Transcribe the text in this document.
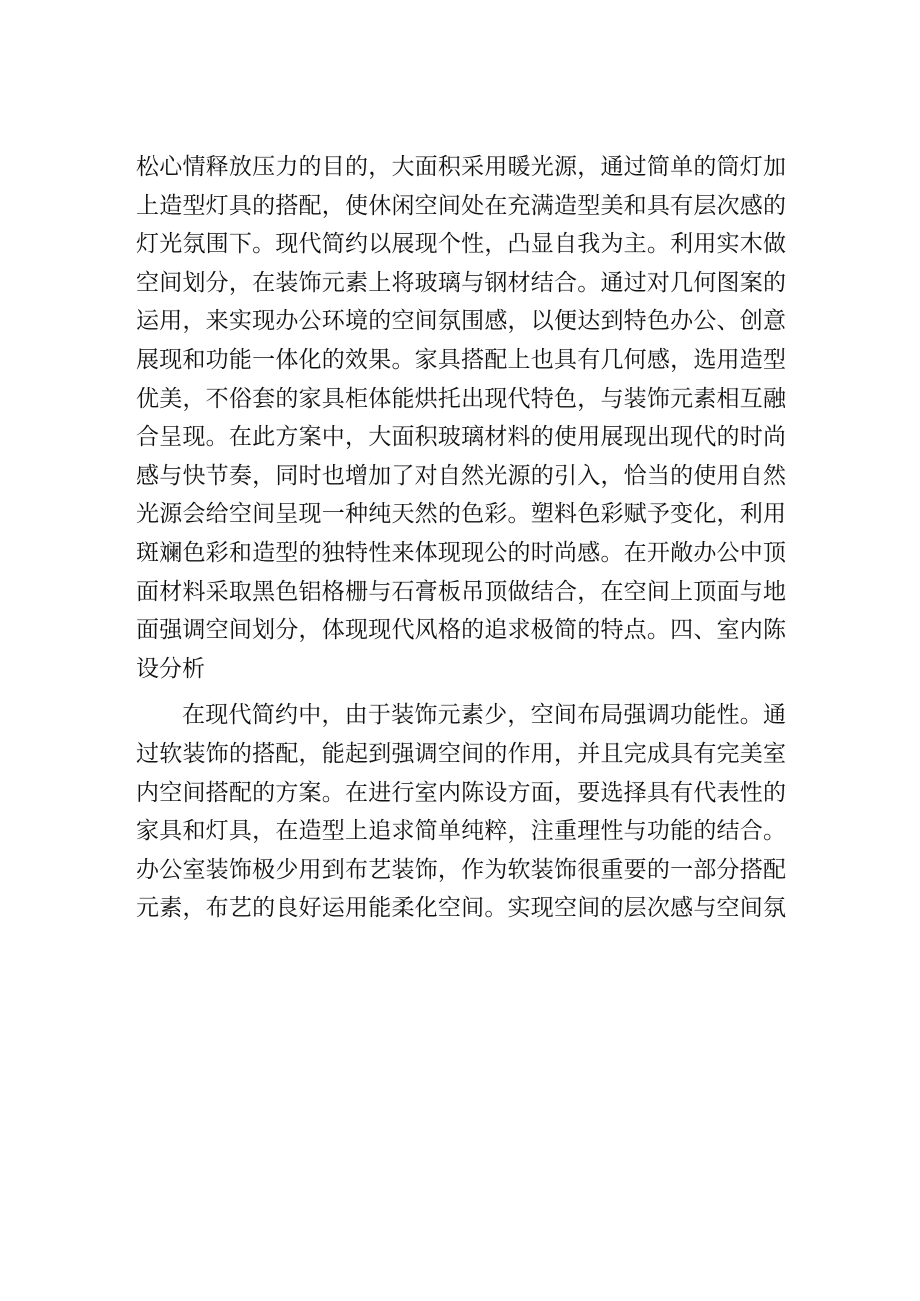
松心情释放压力的目的，大面积采用暖光源，通过简单的筒灯加
上造型灯具的搭配，使休闲空间处在充满造型美和具有层次感的
灯光氛围下。现代简约以展现个性，凸显自我为主。利用实木做
空间划分，在装饰元素上将玻璃与钢材结合。通过对几何图案的
运用，来实现办公环境的空间氛围感，以便达到特色办公、创意
展现和功能一体化的效果。家具搭配上也具有几何感，选用造型
优美，不俗套的家具柜体能烘托出现代特色，与装饰元素相互融
合呈现。在此方案中，大面积玻璃材料的使用展现出现代的时尚
感与快节奏，同时也增加了对自然光源的引入，恰当的使用自然
光源会给空间呈现一种纯天然的色彩。塑料色彩赋予变化，利用
斑斓色彩和造型的独特性来体现现公的时尚感。在开敞办公中顶
面材料采取黑色铝格栅与石膏板吊顶做结合，在空间上顶面与地
面强调空间划分，体现现代风格的追求极简的特点。四、室内陈
设分析
在现代简约中，由于装饰元素少，空间布局强调功能性。通
过软装饰的搭配，能起到强调空间的作用，并且完成具有完美室
内空间搭配的方案。在进行室内陈设方面，要选择具有代表性的
家具和灯具，在造型上追求简单纯粹，注重理性与功能的结合。
办公室装饰极少用到布艺装饰，作为软装饰很重要的一部分搭配
元素，布艺的良好运用能柔化空间。实现空间的层次感与空间氛
